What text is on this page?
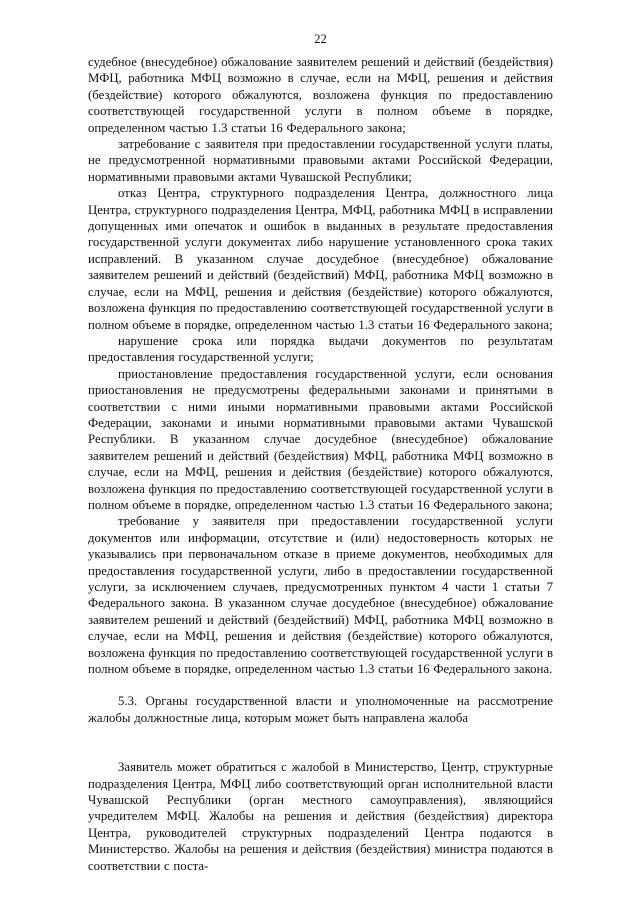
22

судебное (внесудебное) обжалование заявителем решений и действий (бездействия) МФЦ, работника МФЦ возможно в случае, если на МФЦ, решения и действия (бездействие) которого обжалуются, возложена функция по предоставлению соответствующей государственной услуги в полном объеме в порядке, определенном частью 1.3 статьи 16 Федерального закона;

затребование с заявителя при предоставлении государственной услуги платы, не предусмотренной нормативными правовыми актами Российской Федерации, нормативными правовыми актами Чувашской Республики;

отказ Центра, структурного подразделения Центра, должностного лица Центра, структурного подразделения Центра, МФЦ, работника МФЦ в исправлении допущенных ими опечаток и ошибок в выданных в результате предоставления государственной услуги документах либо нарушение установленного срока таких исправлений. В указанном случае досудебное (внесудебное) обжалование заявителем решений и действий (бездействий) МФЦ, работника МФЦ возможно в случае, если на МФЦ, решения и действия (бездействие) которого обжалуются, возложена функция по предоставлению соответствующей государственной услуги в полном объеме в порядке, определенном частью 1.3 статьи 16 Федерального закона;

нарушение срока или порядка выдачи документов по результатам предоставления государственной услуги;

приостановление предоставления государственной услуги, если основания приостановления не предусмотрены федеральными законами и принятыми в соответствии с ними иными нормативными правовыми актами Российской Федерации, законами и иными нормативными правовыми актами Чувашской Республики. В указанном случае досудебное (внесудебное) обжалование заявителем решений и действий (бездействия) МФЦ, работника МФЦ возможно в случае, если на МФЦ, решения и действия (бездействие) которого обжалуются, возложена функция по предоставлению соответствующей государственной услуги в полном объеме в порядке, определенном частью 1.3 статьи 16 Федерального закона;

требование у заявителя при предоставлении государственной услуги документов или информации, отсутствие и (или) недостоверность которых не указывались при первоначальном отказе в приеме документов, необходимых для предоставления государственной услуги, либо в предоставлении государственной услуги, за исключением случаев, предусмотренных пунктом 4 части 1 статьи 7 Федерального закона. В указанном случае досудебное (внесудебное) обжалование заявителем решений и действий (бездействий) МФЦ, работника МФЦ возможно в случае, если на МФЦ, решения и действия (бездействие) которого обжалуются, возложена функция по предоставлению соответствующей государственной услуги в полном объеме в порядке, определенном частью 1.3 статьи 16 Федерального закона.

5.3. Органы государственной власти и уполномоченные на рассмотрение жалобы должностные лица, которым может быть направлена жалоба

Заявитель может обратиться с жалобой в Министерство, Центр, структурные подразделения Центра, МФЦ либо соответствующий орган исполнительной власти Чувашской Республики (орган местного самоуправления), являющийся учредителем МФЦ. Жалобы на решения и действия (бездействия) директора Центра, руководителей структурных подразделений Центра подаются в Министерство. Жалобы на решения и действия (бездействия) министра подаются в соответствии с поста-
